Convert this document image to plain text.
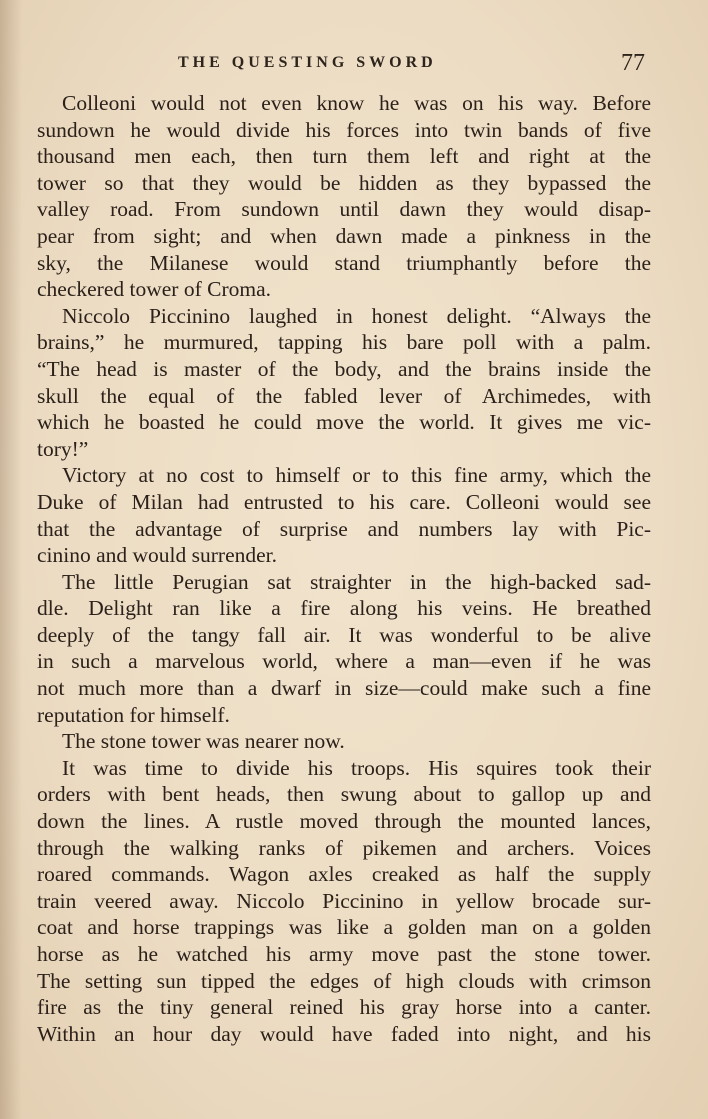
THE QUESTING SWORD	77
Colleoni would not even know he was on his way. Before
sundown he would divide his forces into twin bands of five
thousand men each, then turn them left and right at the
tower so that they would be hidden as they bypassed the
valley road. From sundown until dawn they would disap-
pear from sight; and when dawn made a pinkness in the
sky, the Milanese would stand triumphantly before the
checkered tower of Croma.
Niccolo Piccinino laughed in honest delight. “Always the
brains,” he murmured, tapping his bare poll with a palm.
“The head is master of the body, and the brains inside the
skull the equal of the fabled lever of Archimedes, with
which he boasted he could move the world. It gives me vic-
tory!”
Victory at no cost to himself or to this fine army, which the
Duke of Milan had entrusted to his care. Colleoni would see
that the advantage of surprise and numbers lay with Pic-
cinino and would surrender.
The little Perugian sat straighter in the high-backed sad-
dle. Delight ran like a fire along his veins. He breathed
deeply of the tangy fall air. It was wonderful to be alive
in such a marvelous world, where a man—even if he was
not much more than a dwarf in size—could make such a fine
reputation for himself.
The stone tower was nearer now.
It was time to divide his troops. His squires took their
orders with bent heads, then swung about to gallop up and
down the lines. A rustle moved through the mounted lances,
through the walking ranks of pikemen and archers. Voices
roared commands. Wagon axles creaked as half the supply
train veered away. Niccolo Piccinino in yellow brocade sur-
coat and horse trappings was like a golden man on a golden
horse as he watched his army move past the stone tower.
The setting sun tipped the edges of high clouds with crimson
fire as the tiny general reined his gray horse into a canter.
Within an hour day would have faded into night, and his
